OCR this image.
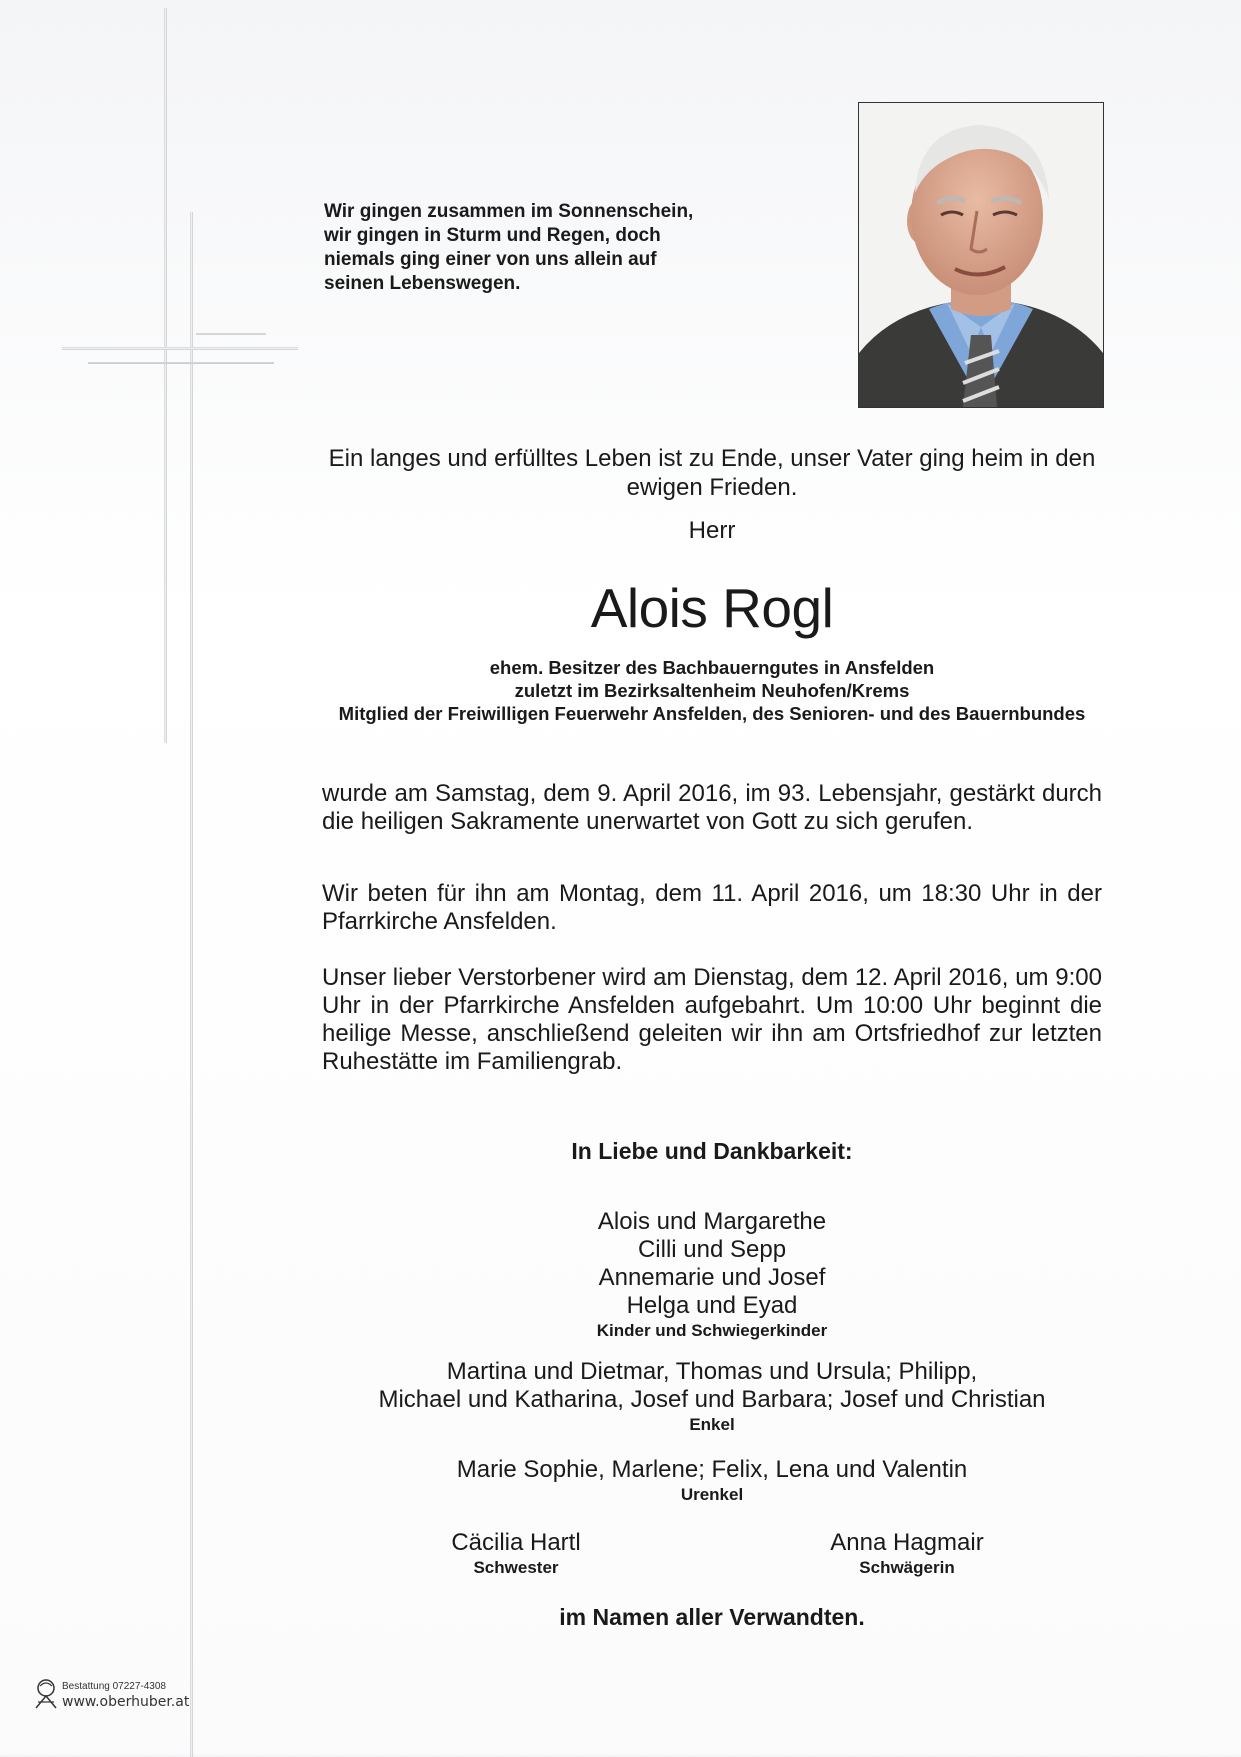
Wir gingen zusammen im Sonnenschein,
wir gingen in Sturm und Regen, doch
niemals ging einer von uns allein auf
seinen Lebenswegen.
Ein langes und erfülltes Leben ist zu Ende, unser Vater ging heim in den ewigen Frieden.
Herr
Alois Rogl
ehem. Besitzer des Bachbauerngutes in Ansfelden
zuletzt im Bezirksaltenheim Neuhofen/Krems
Mitglied der Freiwilligen Feuerwehr Ansfelden, des Senioren- und des Bauernbundes
wurde am Samstag, dem 9. April 2016, im 93. Lebensjahr, gestärkt durch die heiligen Sakramente unerwartet von Gott zu sich gerufen.
Wir beten für ihn am Montag, dem 11. April 2016, um 18:30 Uhr in der Pfarrkirche Ansfelden.
Unser lieber Verstorbener wird am Dienstag, dem 12. April 2016, um 9:00 Uhr in der Pfarrkirche Ansfelden aufgebahrt. Um 10:00 Uhr beginnt die heilige Messe, anschließend geleiten wir ihn am Ortsfriedhof zur letzten Ruhestätte im Familiengrab.
In Liebe und Dankbarkeit:
Alois und Margarethe
Cilli und Sepp
Annemarie und Josef
Helga und Eyad
Kinder und Schwiegerkinder
Martina und Dietmar, Thomas und Ursula; Philipp,
Michael und Katharina, Josef und Barbara; Josef und Christian
Enkel
Marie Sophie, Marlene; Felix, Lena und Valentin
Urenkel
Cäcilia Hartl
Schwester
Anna Hagmair
Schwägerin
im Namen aller Verwandten.
Bestattung 07227-4308
www.oberhuber.at
